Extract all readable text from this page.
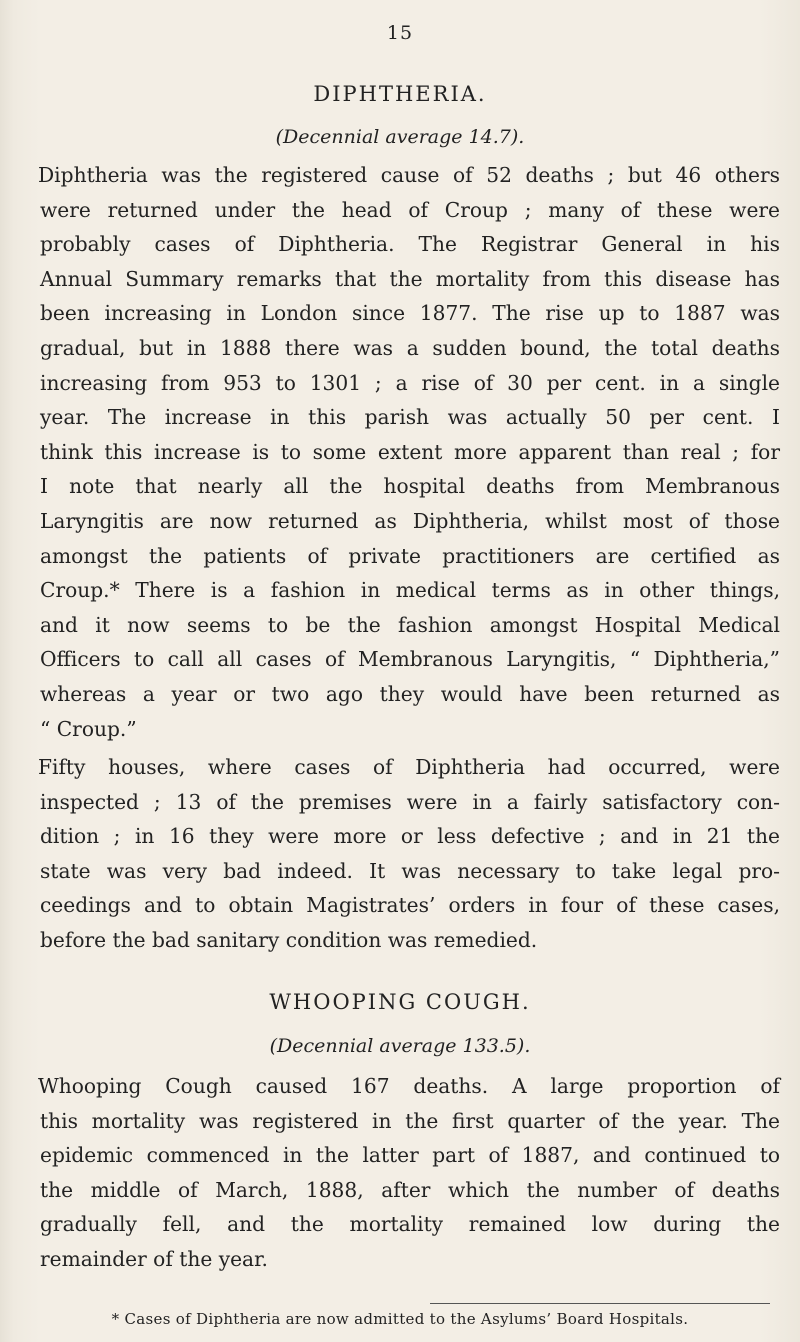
15
DIPHTHERIA.
(Decennial average 14.7).
Diphtheria was the registered cause of 52 deaths ; but 46 others
were returned under the head of Croup ; many of these were
probably cases of Diphtheria. The Registrar General in his
Annual Summary remarks that the mortality from this disease has
been increasing in London since 1877. The rise up to 1887 was
gradual, but in 1888 there was a sudden bound, the total deaths
increasing from 953 to 1301 ; a rise of 30 per cent. in a single
year. The increase in this parish was actually 50 per cent. I
think this increase is to some extent more apparent than real ; for
I note that nearly all the hospital deaths from Membranous
Laryngitis are now returned as Diphtheria, whilst most of those
amongst the patients of private practitioners are certified as
Croup.* There is a fashion in medical terms as in other things,
and it now seems to be the fashion amongst Hospital Medical
Officers to call all cases of Membranous Laryngitis, “ Diphtheria,”
whereas a year or two ago they would have been returned as
“ Croup.”
Fifty houses, where cases of Diphtheria had occurred, were
inspected ; 13 of the premises were in a fairly satisfactory con-
dition ; in 16 they were more or less defective ; and in 21 the
state was very bad indeed. It was necessary to take legal pro-
ceedings and to obtain Magistrates’ orders in four of these cases,
before the bad sanitary condition was remedied.
WHOOPING COUGH.
(Decennial average 133.5).
Whooping Cough caused 167 deaths. A large proportion of
this mortality was registered in the first quarter of the year. The
epidemic commenced in the latter part of 1887, and continued to
the middle of March, 1888, after which the number of deaths
gradually fell, and the mortality remained low during the
remainder of the year.
* Cases of Diphtheria are now admitted to the Asylums’ Board Hospitals.
